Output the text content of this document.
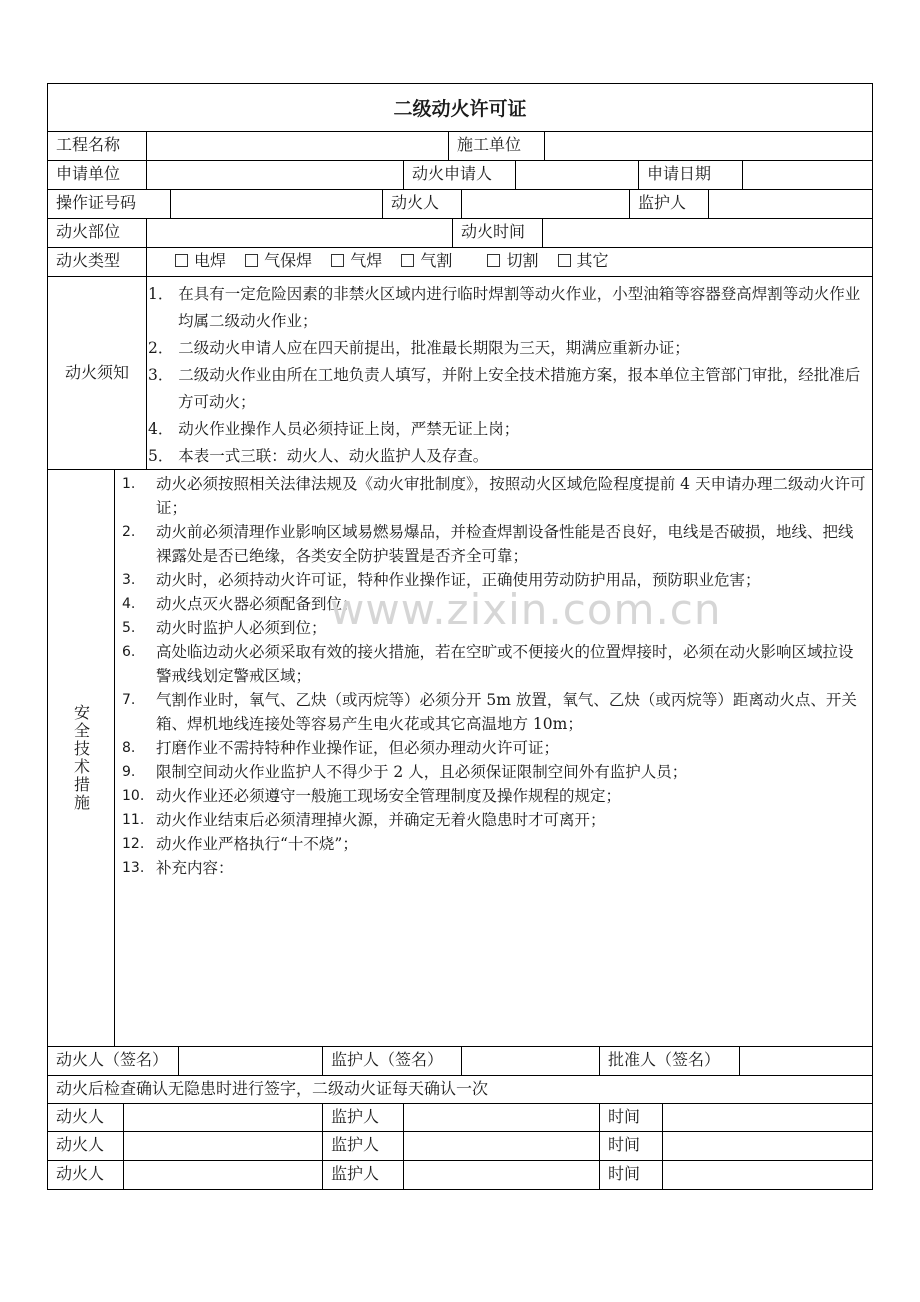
二级动火许可证
工程名称	施工单位
申请单位	动火申请人	申请日期
操作证号码	动火人	监护人
动火部位	动火时间
动火类型	电焊 气保焊 气焊 气割	切割 其它
动火须知
1． 在具有一定危险因素的非禁火区域内进行临时焊割等动火作业，小型油箱等容器登高焊割等动火作业均属二级动火作业；
2． 二级动火申请人应在四天前提出，批准最长期限为三天，期满应重新办证；
3． 二级动火作业由所在工地负责人填写，并附上安全技术措施方案，报本单位主管部门审批，经批准后方可动火；
4． 动火作业操作人员必须持证上岗，严禁无证上岗；
5． 本表一式三联：动火人、动火监护人及存查。
安全技术措施
1. 动火必须按照相关法律法规及《动火审批制度》，按照动火区域危险程度提前 4 天申请办理二级动火许可证；
2. 动火前必须清理作业影响区域易燃易爆品，并检查焊割设备性能是否良好，电线是否破损，地线、把线裸露处是否已绝缘，各类安全防护装置是否齐全可靠；
3. 动火时，必须持动火许可证，特种作业操作证，正确使用劳动防护用品，预防职业危害；
4. 动火点灭火器必须配备到位；
5. 动火时监护人必须到位；
6. 高处临边动火必须采取有效的接火措施，若在空旷或不便接火的位置焊接时，必须在动火影响区域拉设警戒线划定警戒区域；
7. 气割作业时，氧气、乙炔（或丙烷等）必须分开 5m 放置，氧气、乙炔（或丙烷等）距离动火点、开关箱、焊机地线连接处等容易产生电火花或其它高温地方 10m；
8. 打磨作业不需持特种作业操作证，但必须办理动火许可证；
9. 限制空间动火作业监护人不得少于 2 人，且必须保证限制空间外有监护人员；
10. 动火作业还必须遵守一般施工现场安全管理制度及操作规程的规定；
11. 动火作业结束后必须清理掉火源，并确定无着火隐患时才可离开；
12. 动火作业严格执行“十不烧”；
13. 补充内容：
动火人（签名）	监护人（签名）	批准人（签名）
动火后检查确认无隐患时进行签字，二级动火证每天确认一次
动火人	监护人	时间
动火人	监护人	时间
动火人	监护人	时间
www.zixin.com.cn
